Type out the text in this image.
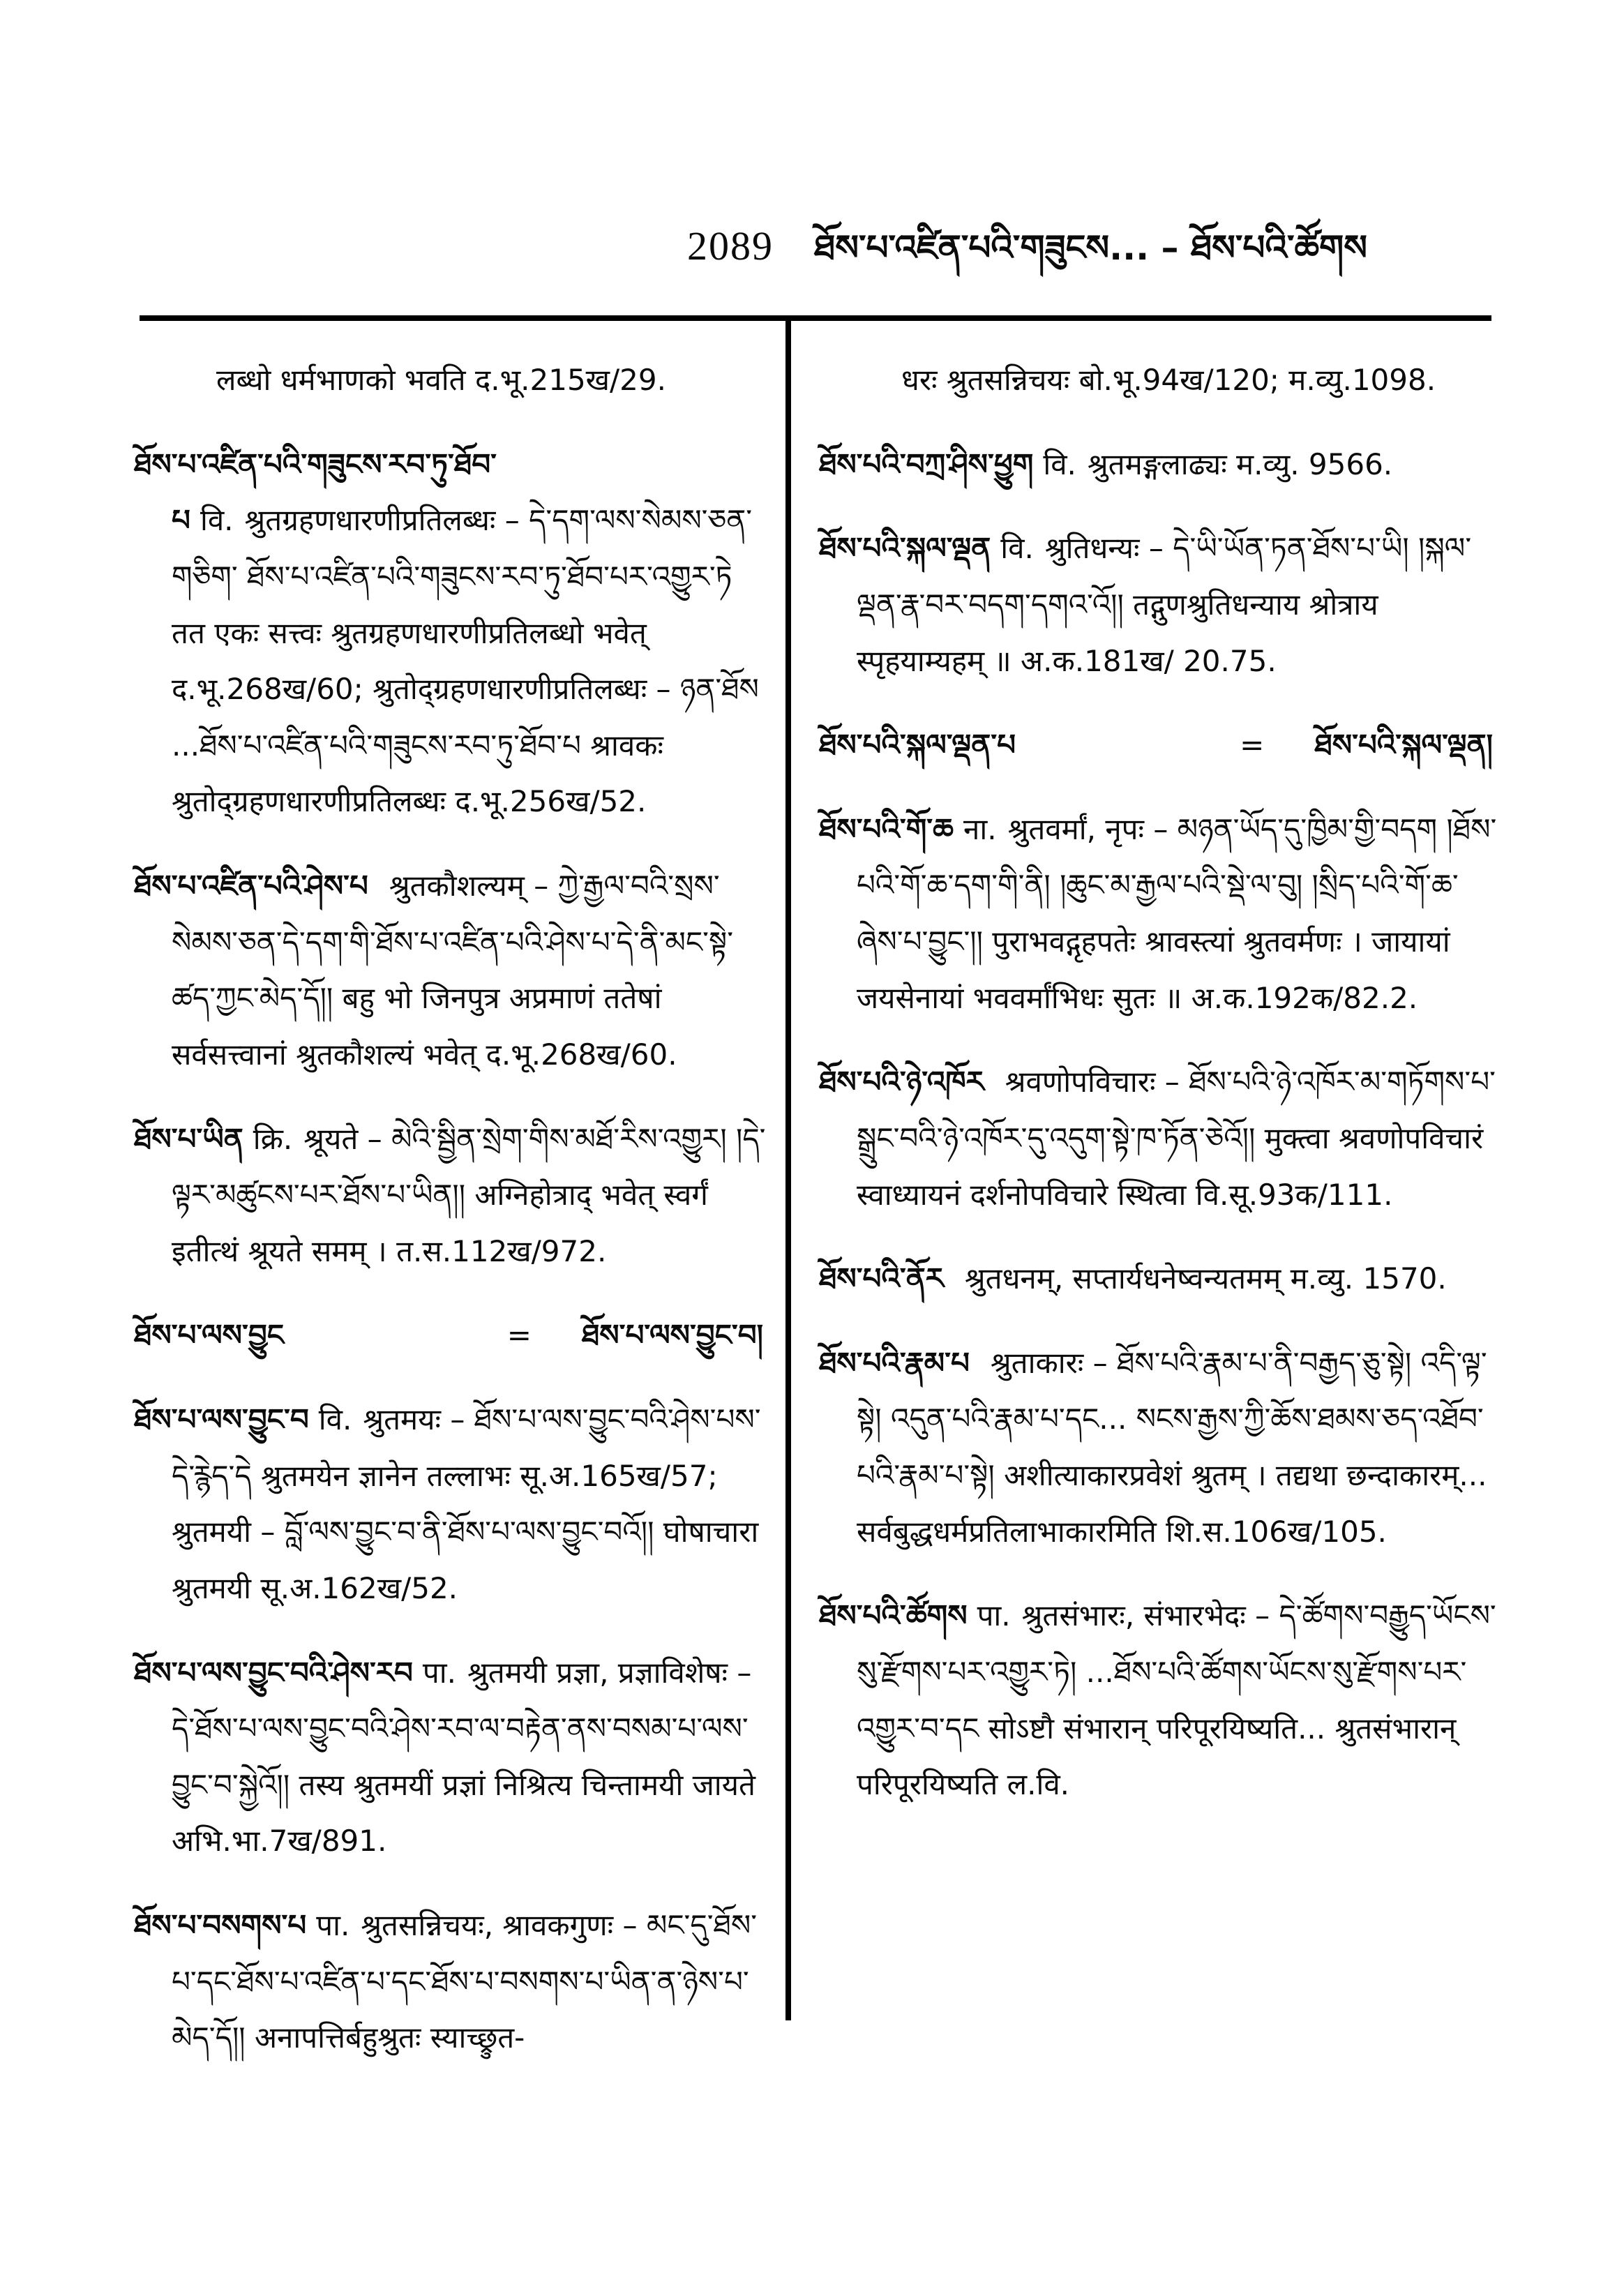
2089 ཐོས་པ་འཛིན་པའི་གཟུངས... – ཐོས་པའི་ཚོགས

लब्धो धर्मभाणको भवति द.भू.215ख/29.

ཐོས་པ་འཛིན་པའི་གཟུངས་རབ་ཏུ་ཐོབ་པ वि. श्रुतग्रहणधारणीप्रतिलब्धः – དེ་དག་ལས་སེམས་ཅན་གཅིག་ ཐོས་པ་འཛིན་པའི་གཟུངས་རབ་ཏུ་ཐོབ་པར་འགྱུར་ཏེ तत एकः सत्त्वः श्रुतग्रहणधारणीप्रतिलब्धो भवेत् द.भू.268ख/60; श्रुतोद्ग्रहणधारणीप्रतिलब्धः – ཉན་ཐོས ...ཐོས་པ་འཛིན་པའི་གཟུངས་རབ་ཏུ་ཐོབ་པ श्रावकः श्रुतोद्ग्रहणधारणीप्रतिलब्धः द.भू.256ख/52.

ཐོས་པ་འཛིན་པའི་ཤེས་པ श्रुतकौशल्यम् – ཀྱེ་རྒྱལ་བའི་སྲས་སེམས་ཅན་དེ་དག་གི་ཐོས་པ་འཛིན་པའི་ཤེས་པ་དེ་ནི་མང་སྟེ་ཚད་ཀྱང་མེད་དོ།། बहु भो जिनपुत्र अप्रमाणं ततेषां सर्वसत्त्वानां श्रुतकौशल्यं भवेत् द.भू.268ख/60.

ཐོས་པ་ཡིན क्रि. श्रूयते – མེའི་སྦྱིན་སྲེག་གིས་མཐོ་རིས་འགྱུར། །དེ་ལྟར་མཚུངས་པར་ཐོས་པ་ཡིན།། अग्निहोत्राद् भवेत् स्वर्गं इतीत्थं श्रूयते समम् । त.स.112ख/972.

ཐོས་པ་ལས་བྱུང	= ཐོས་པ་ལས་བྱུང་བ།

ཐོས་པ་ལས་བྱུང་བ वि. श्रुतमयः – ཐོས་པ་ལས་བྱུང་བའི་ཤེས་པས་དེ་རྙེད་དེ श्रुतमयेन ज्ञानेन तल्लाभः सू.अ.165ख/57; श्रुतमयी – བློ་ལས་བྱུང་བ་ནི་ཐོས་པ་ལས་བྱུང་བའོ།། घोषाचारा श्रुतमयी सू.अ.162ख/52.

ཐོས་པ་ལས་བྱུང་བའི་ཤེས་རབ पा. श्रुतमयी प्रज्ञा, प्रज्ञाविशेषः – དེ་ཐོས་པ་ལས་བྱུང་བའི་ཤེས་རབ་ལ་བརྟེན་ནས་བསམ་པ་ལས་བྱུང་བ་སྐྱེའོ།། तस्य श्रुतमयीं प्रज्ञां निश्रित्य चिन्तामयी जायते अभि.भा.7ख/891.

ཐོས་པ་བསགས་པ पा. श्रुतसन्निचयः, श्रावकगुणः – མང་དུ་ཐོས་པ་དང་ཐོས་པ་འཛིན་པ་དང་ཐོས་པ་བསགས་པ་ཡིན་ན་ཉེས་པ་མེད་དོ།། अनापत्तिर्बहुश्रुतः स्याच्छ्रुत-

धरः श्रुतसन्निचयः बो.भू.94ख/120; म.व्यु.1098.

ཐོས་པའི་བཀྲ་ཤིས་ཕྱུག वि. श्रुतमङ्गलाढ्यः म.व्यु. 9566.

ཐོས་པའི་སྐལ་ལྡན वि. श्रुतिधन्यः – དེ་ཡི་ཡོན་ཏན་ཐོས་པ་ཡི། །སྐལ་ལྡན་རྣ་བར་བདག་དགའ་འོ།། तद्गुणश्रुतिधन्याय श्रोत्राय स्पृहयाम्यहम् ॥ अ.क.181ख/ 20.75.

ཐོས་པའི་སྐལ་ལྡན་པ	= ཐོས་པའི་སྐལ་ལྡན།

ཐོས་པའི་གོ་ཆ ना. श्रुतवर्मां, नृपः – མཉན་ཡོད་དུ་ཁྱིམ་གྱི་བདག །ཐོས་པའི་གོ་ཆ་དག་གི་ནི། །ཆུང་མ་རྒྱལ་པའི་སྡེ་ལ་བུ། །སྲིད་པའི་གོ་ཆ་ཞེས་པ་བྱུང་།། पुराभवद्गृहपतेः श्रावस्त्यां श्रुतवर्मणः । जायायां जयसेनायां भववर्मांभिधः सुतः ॥ अ.क.192क/82.2.

ཐོས་པའི་ཉེ་འཁོར श्रवणोपविचारः – ཐོས་པའི་ཉེ་འཁོར་མ་གཏོགས་པ་སྒྲུང་བའི་ཉེ་འཁོར་དུ་འདུག་སྟེ་ཁ་ཏོན་ཅེའོ།། मुक्त्वा श्रवणोपविचारं स्वाध्यायनं दर्शनोपविचारे स्थित्वा वि.सू.93क/111.

ཐོས་པའི་ནོར श्रुतधनम्, सप्तार्यधनेष्वन्यतमम् म.व्यु. 1570.

ཐོས་པའི་རྣམ་པ श्रुताकारः – ཐོས་པའི་རྣམ་པ་ནི་བརྒྱད་ཅུ་སྟེ། འདི་ལྟ་སྟེ། འདུན་པའི་རྣམ་པ་དང... སངས་རྒྱས་ཀྱི་ཆོས་ཐམས་ཅད་འཐོབ་པའི་རྣམ་པ་སྟེ། अशीत्याकारप्रवेशं श्रुतम् । तद्यथा छन्दाकारम्... सर्वबुद्धधर्मप्रतिलाभाकारमिति शि.स.106ख/105.

ཐོས་པའི་ཚོགས पा. श्रुतसंभारः, संभारभेदः – དེ་ཚོགས་བརྒྱུད་ཡོངས་སུ་རྫོགས་པར་འགྱུར་ཏེ། ...ཐོས་པའི་ཚོགས་ཡོངས་སུ་རྫོགས་པར་འགྱུར་བ་དང सोऽष्टौ संभारान् परिपूरयिष्यति... श्रुतसंभारान् परिपूरयिष्यति ल.वि.
